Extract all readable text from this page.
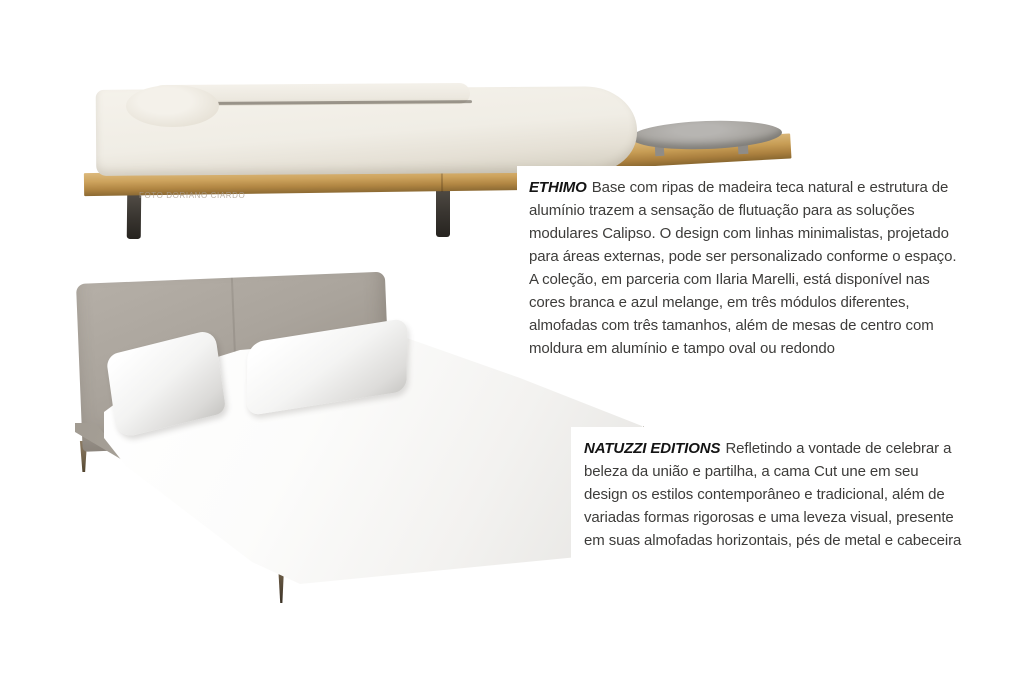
FOTO DORIANO CIARDO	ETHIMO Base com ripas de madeira teca natural e estrutura de
alumínio trazem a sensação de flutuação para as soluções
modulares Calipso. O design com linhas minimalistas, projetado
para áreas externas, pode ser personalizado conforme o espaço.
A coleção, em parceria com Ilaria Marelli, está disponível nas
cores branca e azul melange, em três módulos diferentes,
almofadas com três tamanhos, além de mesas de centro com
moldura em alumínio e tampo oval ou redondo
NATUZZI EDITIONS Refletindo a vontade de celebrar a
beleza da união e partilha, a cama Cut une em seu
design os estilos contemporâneo e tradicional, além de
variadas formas rigorosas e uma leveza visual, presente
em suas almofadas horizontais, pés de metal e cabeceira
